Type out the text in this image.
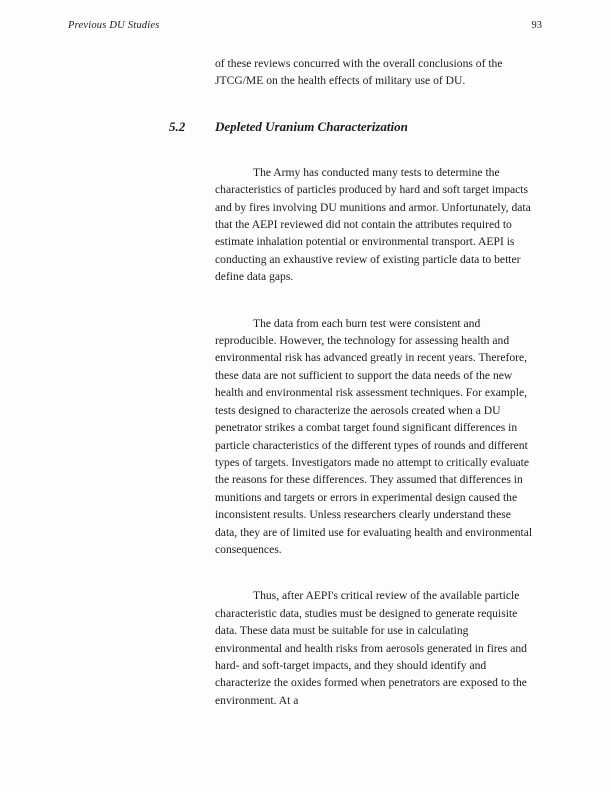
Previous DU Studies	93

of these reviews concurred with the overall conclusions of the JTCG/ME on the health effects of military use of DU.

5.2	Depleted Uranium Characterization

The Army has conducted many tests to determine the characteristics of particles produced by hard and soft target impacts and by fires involving DU munitions and armor. Unfortunately, data that the AEPI reviewed did not contain the attributes required to estimate inhalation potential or environmental transport. AEPI is conducting an exhaustive review of existing particle data to better define data gaps.

The data from each burn test were consistent and reproducible. However, the technology for assessing health and environmental risk has advanced greatly in recent years. Therefore, these data are not sufficient to support the data needs of the new health and environmental risk assessment techniques. For example, tests designed to characterize the aerosols created when a DU penetrator strikes a combat target found significant differences in particle characteristics of the different types of rounds and different types of targets. Investigators made no attempt to critically evaluate the reasons for these differences. They assumed that differences in munitions and targets or errors in experimental design caused the inconsistent results. Unless researchers clearly understand these data, they are of limited use for evaluating health and environmental consequences.

Thus, after AEPI's critical review of the available particle characteristic data, studies must be designed to generate requisite data. These data must be suitable for use in calculating environmental and health risks from aerosols generated in fires and hard- and soft-target impacts, and they should identify and characterize the oxides formed when penetrators are exposed to the environment. At a
